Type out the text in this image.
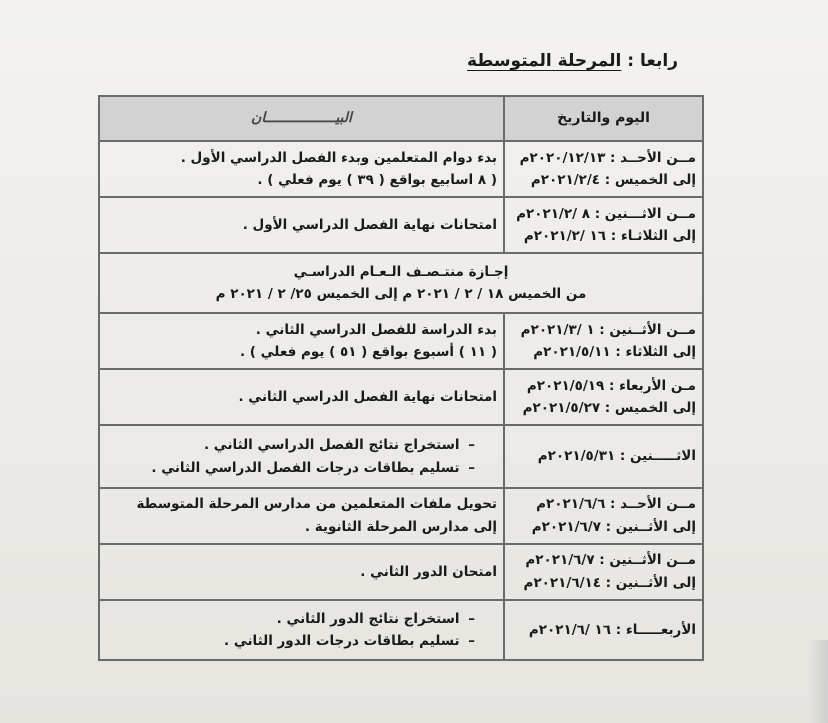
رابعا : المرحلة المتوسطة
اليوم والتاريخ	البيـــــــــــــــــان

مــن الأحــد : ٢٠٢٠/١٢/١٣م
إلى الخميس : ٢٠٢١/٢/٤م	بدء دوام المتعلمين وبدء الفصل الدراسي الأول .
( ٨ اسابيع بواقع ( ٣٩ ) يوم فعلي ) .

مــن الاثـــنين : ٨ /٢٠٢١/٢م
إلى الثلاثـاء : ١٦ /٢٠٢١/٢م	امتحانات نهاية الفصل الدراسي الأول .

إجـازة منتـصـف الـعـام الدراسـي
من الخميس ١٨ / ٢ / ٢٠٢١ م إلى الخميس ٢٥/ ٢ / ٢٠٢١ م	

مــن الأثــنين : ١ /٢٠٢١/٣م
إلى الثلاثاء : ٢٠٢١/٥/١١م	بدء الدراسة للفصل الدراسي الثاني .
( ١١ ) أسبوع بواقع ( ٥١ ) يوم فعلي ) .

مـن الأربعاء : ٢٠٢١/٥/١٩م
إلى الخميس : ٢٠٢١/٥/٢٧م	امتحانات نهاية الفصل الدراسي الثاني .

الاثـــــنين : ٢٠٢١/٥/٣١م	– استخراج نتائج الفصل الدراسي الثاني .
– تسليم بطاقات درجات الفصل الدراسي الثاني .

مــن الأحــد : ٢٠٢١/٦/٦م
إلى الأثــنين : ٢٠٢١/٦/٧م	تحويل ملفات المتعلمين من مدارس المرحلة المتوسطة
إلى مدارس المرحلة الثانوية .

مــن الأثــنين : ٢٠٢١/٦/٧م
إلى الأثــنين : ٢٠٢١/٦/١٤م	امتحان الدور الثاني .

الأربعـــــاء : ١٦ /٢٠٢١/٦م	– استخراج نتائج الدور الثاني .
– تسليم بطاقات درجات الدور الثاني .
